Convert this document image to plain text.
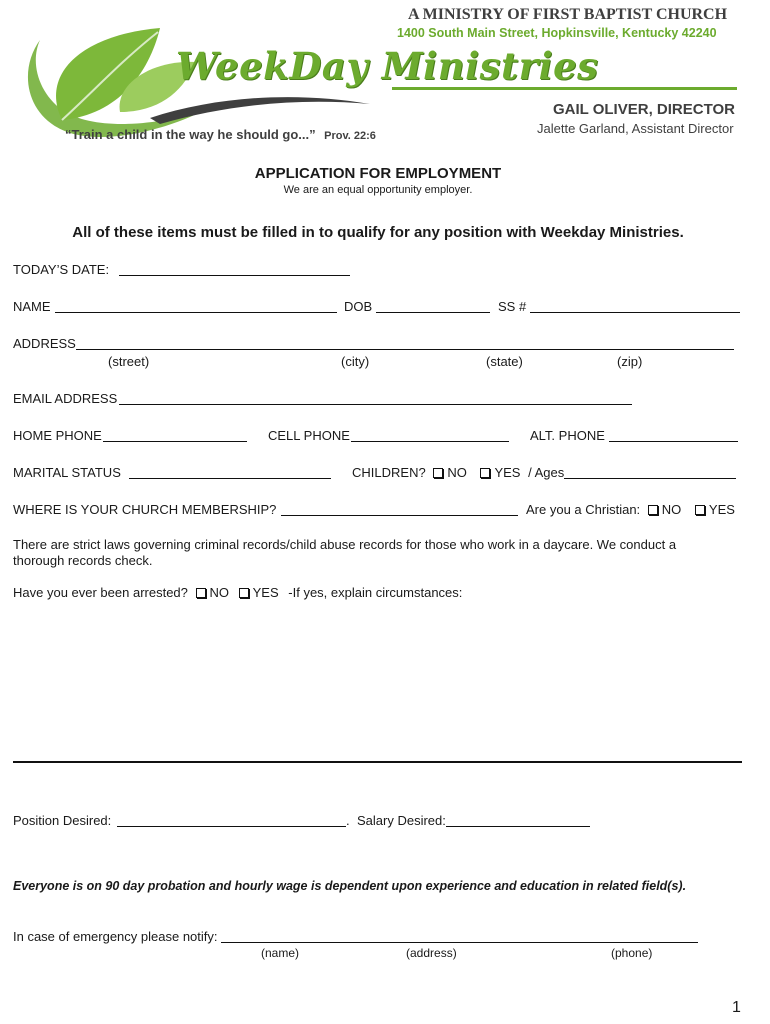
WeekDay Ministries
A MINISTRY OF FIRST BAPTIST CHURCH
1400 South Main Street, Hopkinsville, Kentucky 42240
GAIL OLIVER, DIRECTOR
Jalette Garland, Assistant Director
“Train a child in the way he should go...” Prov. 22:6
APPLICATION FOR EMPLOYMENT
We are an equal opportunity employer.
All of these items must be filled in to qualify for any position with Weekday Ministries.
TODAY’S DATE:
NAME	DOB	SS #
ADDRESS
(street)	(city)	(state)	(zip)
EMAIL ADDRESS
HOME PHONE	CELL PHONE	ALT. PHONE
MARITAL STATUS	CHILDREN? NO YES / Ages
WHERE IS YOUR CHURCH MEMBERSHIP?	Are you a Christian: NO YES
There are strict laws governing criminal records/child abuse records for those who work in a daycare. We conduct a
thorough records check.
Have you ever been arrested? NO YES -If yes, explain circumstances:
Position Desired:	. Salary Desired:
Everyone is on 90 day probation and hourly wage is dependent upon experience and education in related field(s).
In case of emergency please notify:
(name)	(address)	(phone)
1
